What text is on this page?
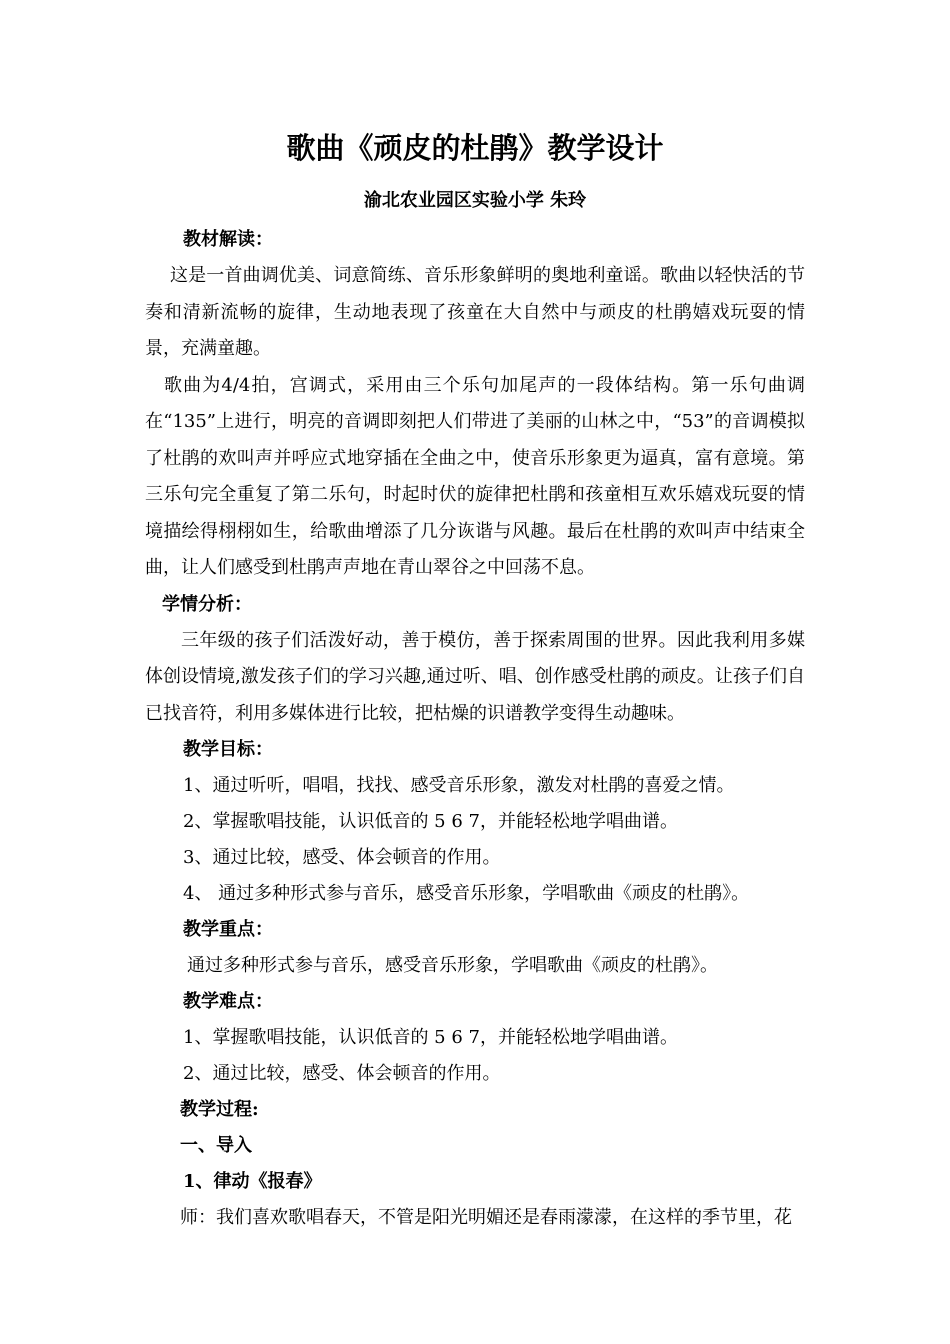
歌曲《顽皮的杜鹃》教学设计
渝北农业园区实验小学 朱玲

教材解读：

这是一首曲调优美、词意简练、音乐形象鲜明的奥地利童谣。歌曲以轻快活的节奏和清新流畅的旋律，生动地表现了孩童在大自然中与顽皮的杜鹃嬉戏玩耍的情景，充满童趣。

歌曲为4/4拍，宫调式，采用由三个乐句加尾声的一段体结构。第一乐句曲调在“135”上进行，明亮的音调即刻把人们带进了美丽的山林之中，“53”的音调模拟了杜鹃的欢叫声并呼应式地穿插在全曲之中，使音乐形象更为逼真，富有意境。第三乐句完全重复了第二乐句，时起时伏的旋律把杜鹃和孩童相互欢乐嬉戏玩耍的情境描绘得栩栩如生，给歌曲增添了几分诙谐与风趣。最后在杜鹃的欢叫声中结束全曲，让人们感受到杜鹃声声地在青山翠谷之中回荡不息。

学情分析：

三年级的孩子们活泼好动，善于模仿，善于探索周围的世界。因此我利用多媒体创设情境,激发孩子们的学习兴趣,通过听、唱、创作感受杜鹃的顽皮。让孩子们自已找音符，利用多媒体进行比较，把枯燥的识谱教学变得生动趣味。

教学目标：

1、通过听听，唱唱，找找、感受音乐形象，激发对杜鹃的喜爱之情。

2、掌握歌唱技能，认识低音的 5 6 7，并能轻松地学唱曲谱。

3、通过比较，感受、体会顿音的作用。

4、 通过多种形式参与音乐，感受音乐形象，学唱歌曲《顽皮的杜鹃》。

教学重点：

通过多种形式参与音乐，感受音乐形象，学唱歌曲《顽皮的杜鹃》。

教学难点：

1、掌握歌唱技能，认识低音的 5 6 7，并能轻松地学唱曲谱。

2、通过比较，感受、体会顿音的作用。

教学过程:

一、导入

1、律动《报春》

师：我们喜欢歌唱春天，不管是阳光明媚还是春雨濛濛，在这样的季节里，花
